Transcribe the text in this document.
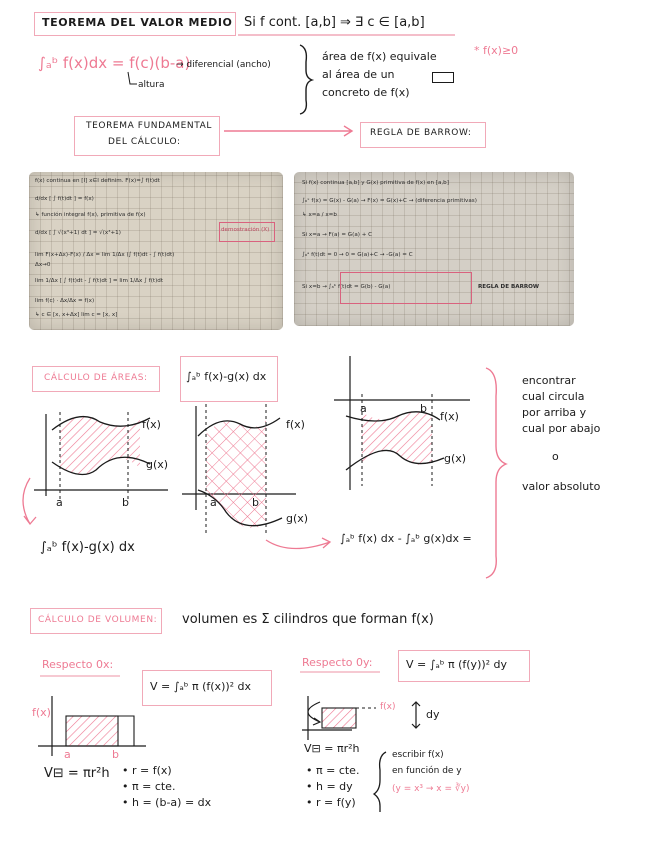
TEOREMA DEL VALOR MEDIO Si f cont. [a,b] ⇒ ∃ c ∈ [a,b]
∫ₐᵇ f(x)dx = f(c)(b-a)
→ diferencial (ancho)
altura
área de f(x) equivale
al área de un
concreto de f(x)
* f(x)≥0
TEOREMA FUNDAMENTAL
DEL CÁLCULO:
REGLA DE BARROW:
f(x) continua en [I] x∈I definim. F(x)=∫ f(t)dt
d/dx [ ∫ f(t)dt ] = f(x)
↳ función integral f(x), primitiva de f(x)
d/dx [ ∫ √(x³+1) dt ] = √(x³+1)
lim F(x+Δx)-F(x) / Δx = lim 1/Δx (∫ f(t)dt - ∫ f(t)dt)
Δx→0
lim 1/Δx [ ∫ f(t)dt - ∫ f(t)dt ] = lim 1/Δx ∫ f(t)dt
lim f(c) · Δx/Δx = f(x)
↳ c ∈ [x, x+Δx] lim c = [x, x]
demostración (X)
Si f(x) continua [a,b] y G(x) primitiva de f(x) en [a,b]
∫ₐˣ f(x) = G(x) - G(a) → F(x) = G(x)+C → (diferencia primitivas)
↳ x=a / x=b
Si x=a → F(a) = G(a) + C
∫ₐᵃ f(t)dt = 0 → 0 = G(a)+C → -G(a) = C
Si x=b → ∫ₐᵇ f(t)dt = G(b) - G(a)	REGLA DE BARROW
CÁLCULO DE ÁREAS:	∫ₐᵇ f(x)-g(x) dx
f(x)
g(x)
a	b
f(x)
g(x)
a	b
f(x)
g(x)
a	b
∫ₐᵇ f(x)-g(x) dx
∫ₐᵇ f(x) dx - ∫ₐᵇ g(x)dx =
encontrar
cual circula
por arriba y
cual por abajo
o
valor absoluto
CÁLCULO DE VOLUMEN: volumen es Σ cilindros que forman f(x)
Respecto 0x:
V = ∫ₐᵇ π (f(x))² dx
Respecto 0y:	V = ∫ₐᵇ π (f(y))² dy
f(x)
a	b
V⊟ = πr²h • r = f(x)
• π = cte.
• h = (b-a) = dx
f(x)
dy
V⊟ = πr²h
• π = cte.
• h = dy
• r = f(y)
escribir f(x)
en función de y
(y = x³ → x = ∛y)
